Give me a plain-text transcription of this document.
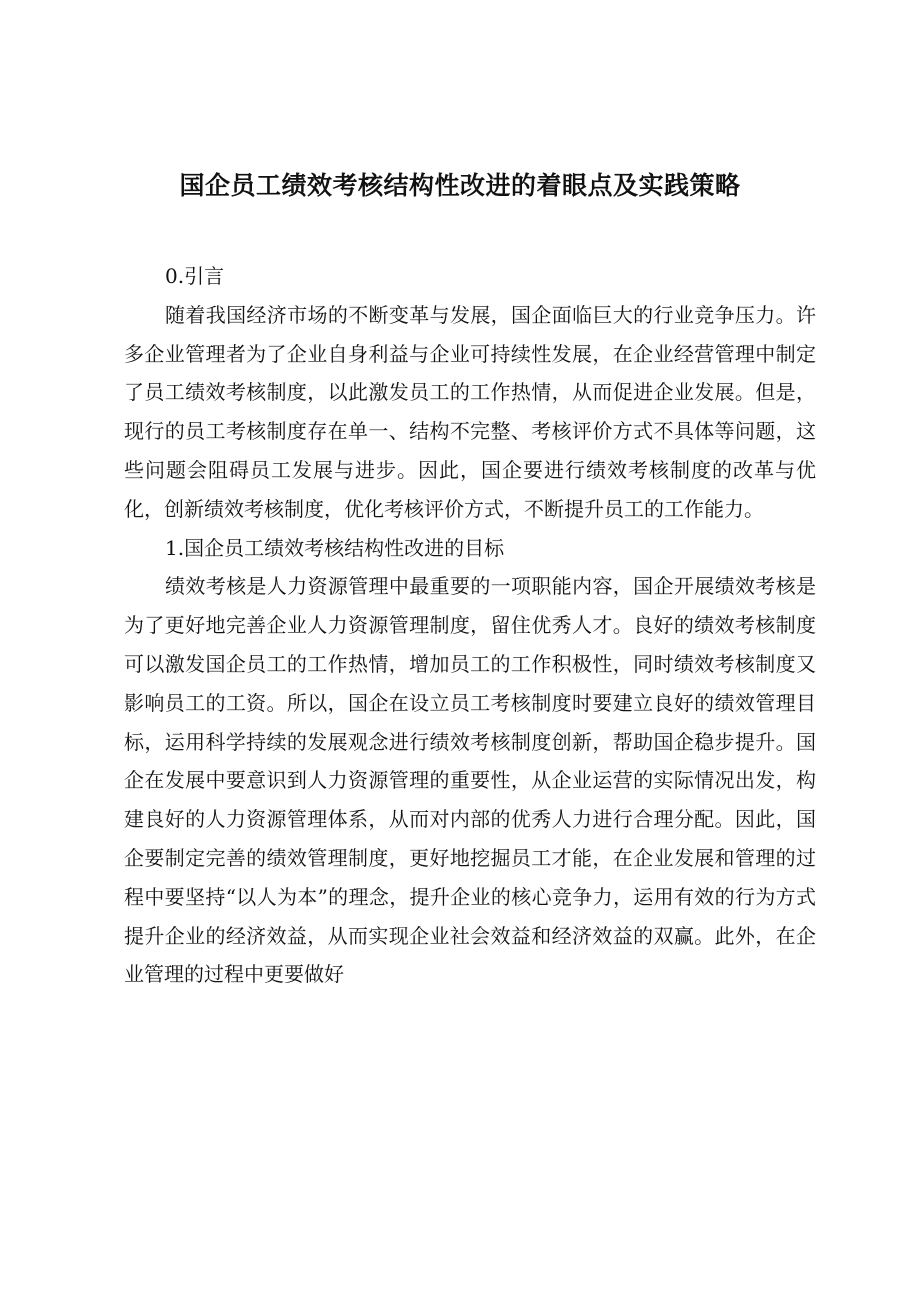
国企员工绩效考核结构性改进的着眼点及实践策略

0.引言

随着我国经济市场的不断变革与发展，国企面临巨大的行业竞争压力。许多企业管理者为了企业自身利益与企业可持续性发展，在企业经营管理中制定了员工绩效考核制度，以此激发员工的工作热情，从而促进企业发展。但是，现行的员工考核制度存在单一、结构不完整、考核评价方式不具体等问题，这些问题会阻碍员工发展与进步。因此，国企要进行绩效考核制度的改革与优化，创新绩效考核制度，优化考核评价方式，不断提升员工的工作能力。

1.国企员工绩效考核结构性改进的目标

绩效考核是人力资源管理中最重要的一项职能内容，国企开展绩效考核是为了更好地完善企业人力资源管理制度，留住优秀人才。良好的绩效考核制度可以激发国企员工的工作热情，增加员工的工作积极性，同时绩效考核制度又影响员工的工资。所以，国企在设立员工考核制度时要建立良好的绩效管理目标，运用科学持续的发展观念进行绩效考核制度创新，帮助国企稳步提升。国企在发展中要意识到人力资源管理的重要性，从企业运营的实际情况出发，构建良好的人力资源管理体系，从而对内部的优秀人力进行合理分配。因此，国企要制定完善的绩效管理制度，更好地挖掘员工才能，在企业发展和管理的过程中要坚持“以人为本”的理念，提升企业的核心竞争力，运用有效的行为方式提升企业的经济效益，从而实现企业社会效益和经济效益的双赢。此外，在企业管理的过程中更要做好
